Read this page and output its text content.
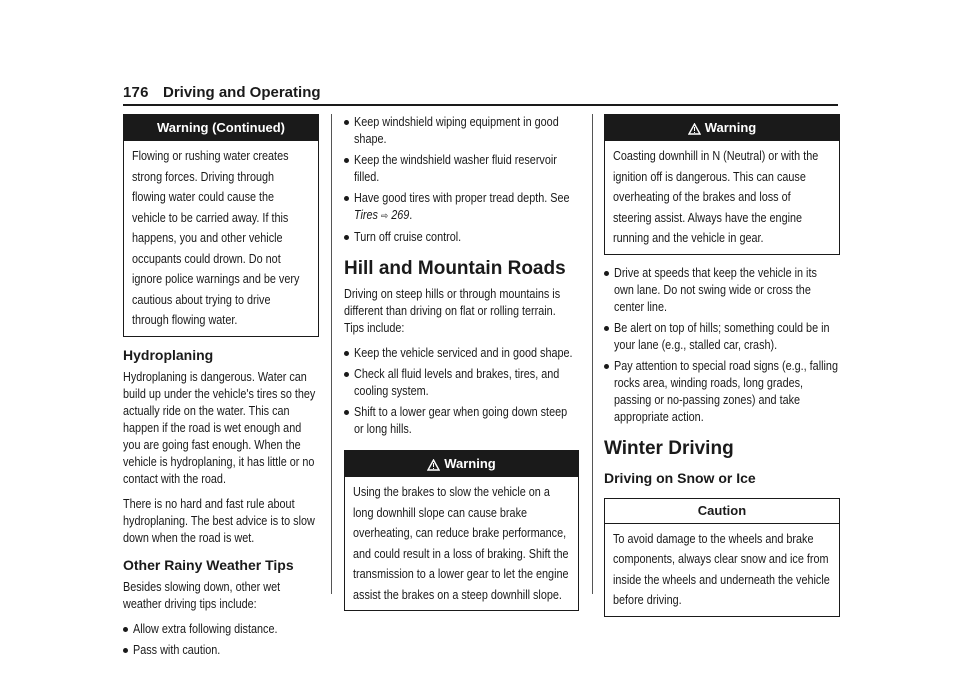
176 Driving and Operating
Warning (Continued)

Flowing or rushing water creates strong forces. Driving through flowing water could cause the vehicle to be carried away. If this happens, you and other vehicle occupants could drown. Do not ignore police warnings and be very cautious about trying to drive through flowing water.

Hydroplaning

Hydroplaning is dangerous. Water can build up under the vehicle's tires so they actually ride on the water. This can happen if the road is wet enough and you are going fast enough. When the vehicle is hydroplaning, it has little or no contact with the road.

There is no hard and fast rule about hydroplaning. The best advice is to slow down when the road is wet.

Other Rainy Weather Tips

Besides slowing down, other wet weather driving tips include:

Allow extra following distance.

Pass with caution.

Keep windshield wiping equipment in good shape.

Keep the windshield washer fluid reservoir filled.

Have good tires with proper tread depth. See Tires ⇨ 269.

Turn off cruise control.

Hill and Mountain Roads

Driving on steep hills or through mountains is different than driving on flat or rolling terrain. Tips include:

Keep the vehicle serviced and in good shape.

Check all fluid levels and brakes, tires, and cooling system.

Shift to a lower gear when going down steep or long hills.

Warning

Using the brakes to slow the vehicle on a long downhill slope can cause brake overheating, can reduce brake performance, and could result in a loss of braking. Shift the transmission to a lower gear to let the engine assist the brakes on a steep downhill slope.

Warning

Coasting downhill in N (Neutral) or with the ignition off is dangerous. This can cause overheating of the brakes and loss of steering assist. Always have the engine running and the vehicle in gear.

Drive at speeds that keep the vehicle in its own lane. Do not swing wide or cross the center line.

Be alert on top of hills; something could be in your lane (e.g., stalled car, crash).

Pay attention to special road signs (e.g., falling rocks area, winding roads, long grades, passing or no-passing zones) and take appropriate action.

Winter Driving
Driving on Snow or Ice
Caution

To avoid damage to the wheels and brake components, always clear snow and ice from inside the wheels and underneath the vehicle before driving.
